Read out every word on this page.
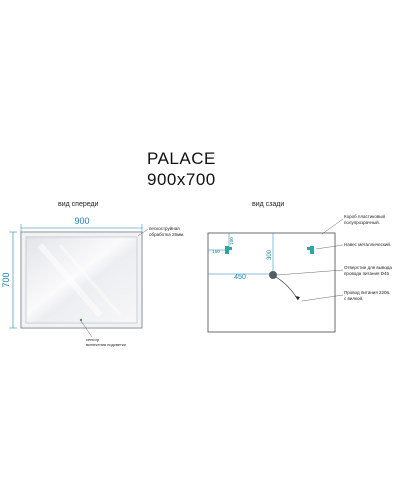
PALACE
900x700
вид спереди	вид сзади
900
700
150
100
300
450
пескоструйная
обработка 25мм.
сенсор
включения подсветки
Короб пластиковый
полупрозрачный.
Навес металлический.
Отверстие для вывода
провода питания D45
Провод питания 220в.
с вилкой.
